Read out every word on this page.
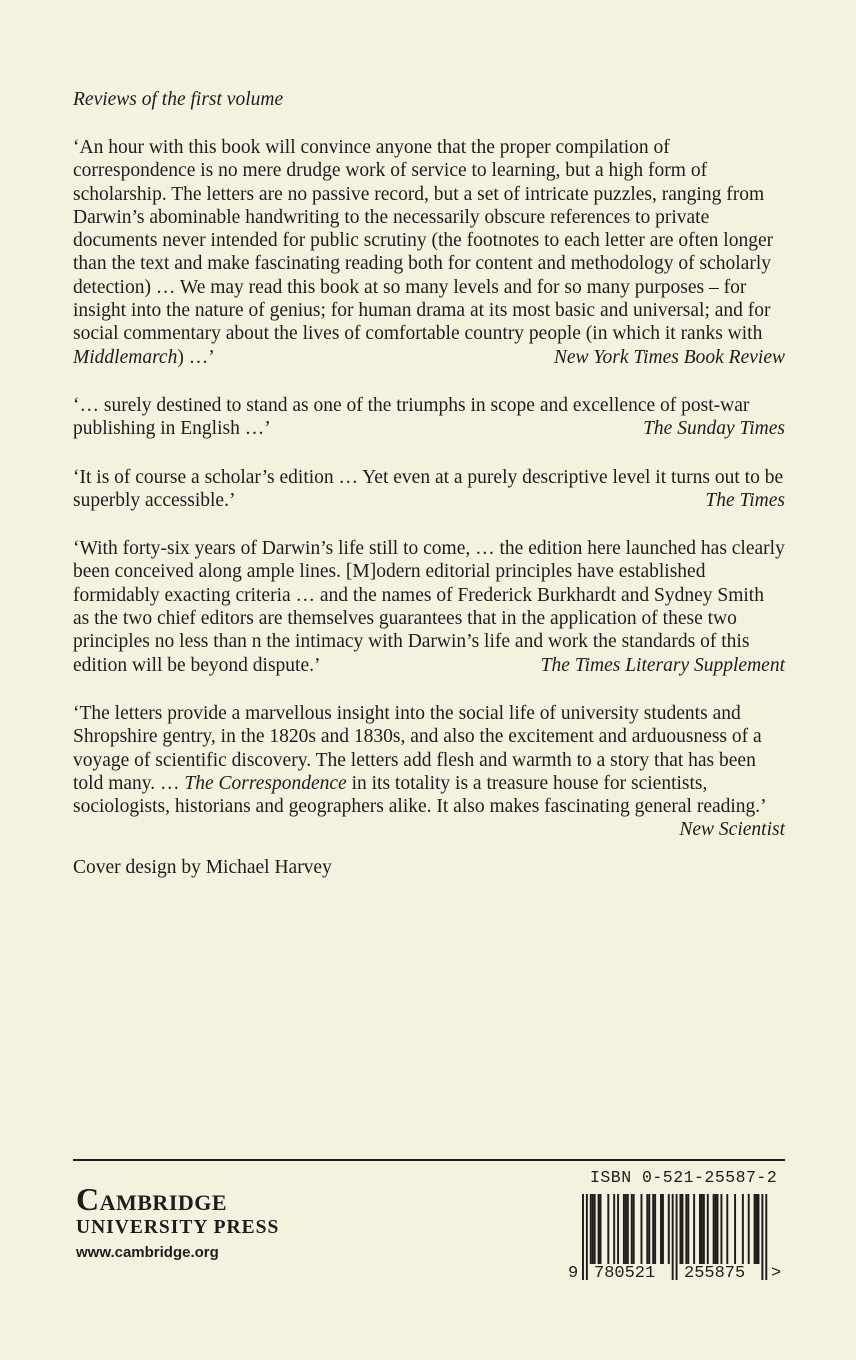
Reviews of the first volume
‘An hour with this book will convince anyone that the proper compilation of correspondence is no mere drudge work of service to learning, but a high form of scholarship. The letters are no passive record, but a set of intricate puzzles, ranging from Darwin’s abominable handwriting to the necessarily obscure references to private documents never intended for public scrutiny (the footnotes to each letter are often longer than the text and make fascinating reading both for content and methodology of scholarly detection) … We may read this book at so many levels and for so many purposes – for insight into the nature of genius; for human drama at its most basic and universal; and for social commentary about the lives of comfortable country people (in which it ranks with Middlemarch) …’	New York Times Book Review
‘… surely destined to stand as one of the triumphs in scope and excellence of post-war publishing in English …’	The Sunday Times
‘It is of course a scholar’s edition … Yet even at a purely descriptive level it turns out to be superbly accessible.’	The Times
‘With forty-six years of Darwin’s life still to come, … the edition here launched has clearly been conceived along ample lines. [M]odern editorial principles have established formidably exacting criteria … and the names of Frederick Burkhardt and Sydney Smith as the two chief editors are themselves guarantees that in the application of these two principles no less than n the intimacy with Darwin’s life and work the standards of this edition will be beyond dispute.’	The Times Literary Supplement
‘The letters provide a marvellous insight into the social life of university students and Shropshire gentry, in the 1820s and 1830s, and also the excitement and arduousness of a voyage of scientific discovery. The letters add flesh and warmth to a story that has been told many. … The Correspondence in its totality is a treasure house for scientists, sociologists, historians and geographers alike. It also makes fascinating general reading.’
New Scientist
Cover design by Michael Harvey
Cambridge
UNIVERSITY PRESS
www.cambridge.org
ISBN 0-521-25587-2
9 780521 255875 >
